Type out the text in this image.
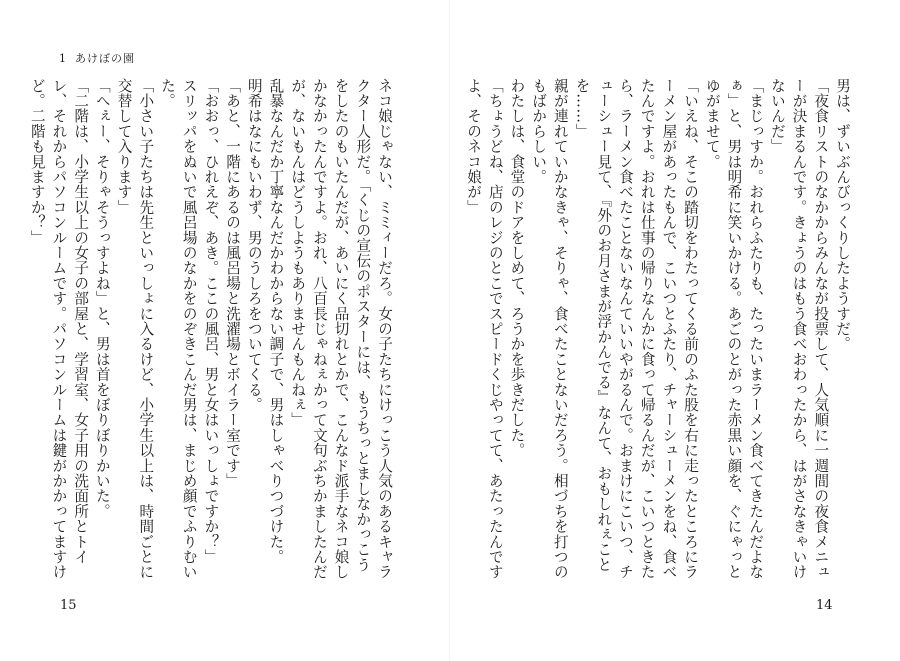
1 あけぼの園

ネコ娘じゃない、ミミィーだろ。女の子たちにけっこう人気のあるキャラクター人形だ。「くじの宣伝のポスターには、もうちっとましなかっこうをしたのもいたんだが、あいにく品切れとかで、こんなド派手なネコ娘しかなかったんですよ。おれ、八百長じゃねぇかって文句ぶちかましたんだが、ないもんはどうしようもありませんもんねぇ」

乱暴なんだか丁寧なんだかわからない調子で、男はしゃべりつづけた。

明希はなにもいわず、男のうしろをついてくる。

「あと、一階にあるのは風呂場と洗濯場とボイラー室です」

「おおっ、ひれえぞ、あき。ここの風呂、男と女はいっしょですか？」

スリッパをぬいで風呂場のなかをのぞきこんだ男は、まじめ顔でふりむいた。

「小さい子たちは先生といっしょに入るけど、小学生以上は、時間ごとに交替して入ります」

「へぇー、そりゃそうっすよね」と、男は首をぼりぼりかいた。

「二階は、小学生以上の女子の部屋と、学習室、女子用の洗面所とトイレ、それからパソコンルームです。パソコンルームは鍵がかかってますけど。二階も見ますか？」

15

男は、ずいぶんびっくりしたようすだ。

「夜食リストのなかからみんなが投票して、人気順に一週間の夜食メニューが決まるんです。きょうのはもう食べおわったから、はがさなきゃいけないんだ」

「まじっすか。おれらふたりも、たったいまラーメン食べてきたんだよなぁ」と、男は明希に笑いかける。あごのとがった赤黒い顔を、ぐにゃっとゆがませて。

「いえね、そこの踏切をわたってくる前のふた股を右に走ったところにラーメン屋があったもんで、こいつとふたり、チャーシューメンをね、食べたんですよ。おれは仕事の帰りなんかに食って帰るんだが、こいつときたら、ラーメン食べたことないなんていいやがるんで。おまけにこいつ、チューシュー見て、『外のお月さまが浮かんでる』なんて、おもしれぇことを……」

親が連れていかなきゃ、そりゃ、食べたことないだろう。相づちを打つのもばからしい。

わたしは、食堂のドアをしめて、ろうかを歩きだした。

「ちょうどね、店のレジのとこでスピードくじやってて、あたったんですよ、そのネコ娘が」

14
